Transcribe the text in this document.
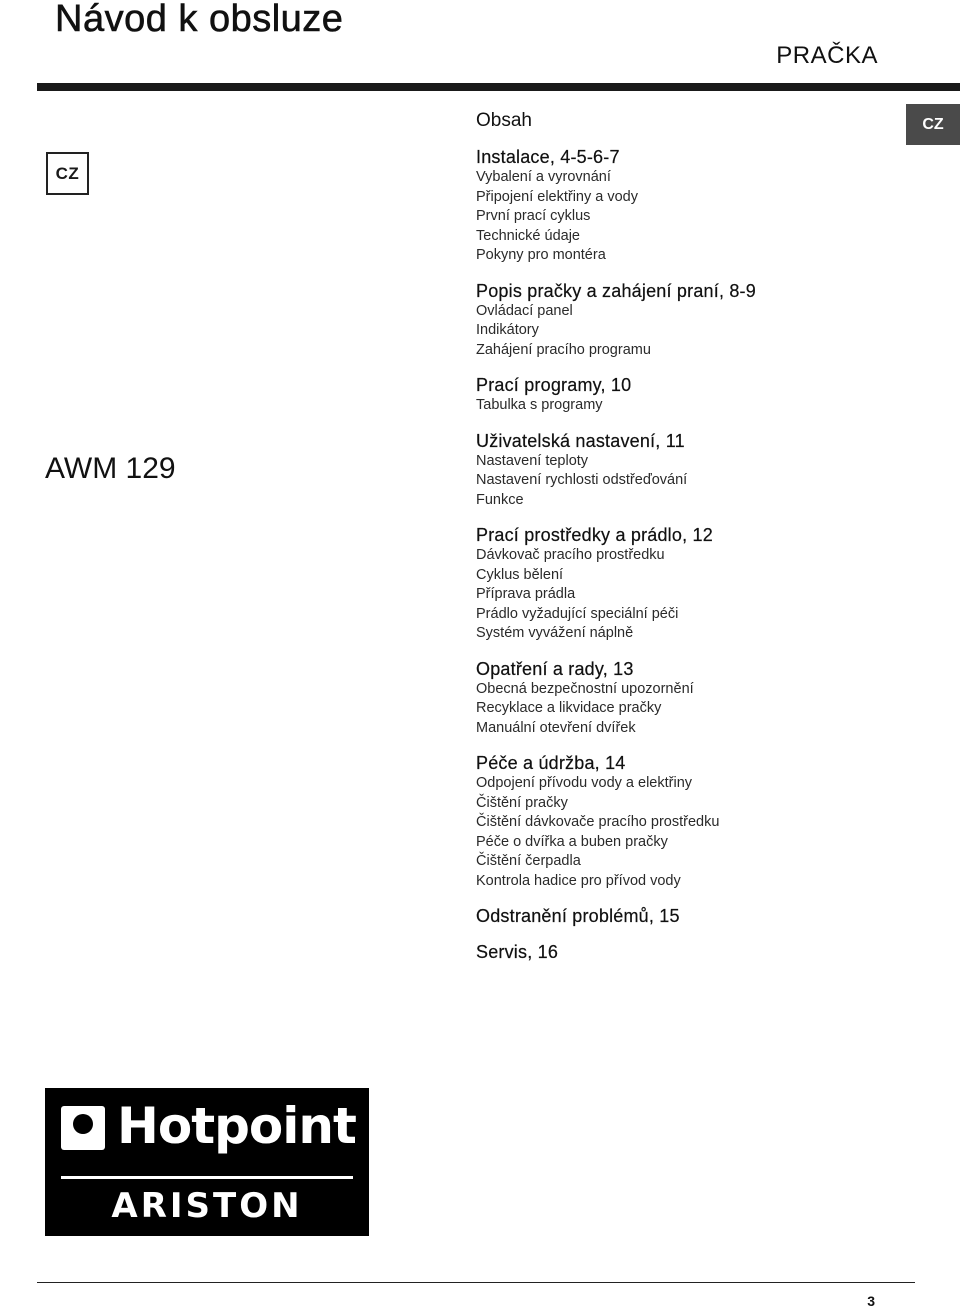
Návod k obsluze
PRAČKA
CZ
CZ
AWM 129
Obsah
Instalace, 4-5-6-7
Vybalení a vyrovnání
Připojení elektřiny a vody
První prací cyklus
Technické údaje
Pokyny pro montéra
Popis pračky a zahájení praní, 8-9
Ovládací panel
Indikátory
Zahájení pracího programu
Prací programy, 10
Tabulka s programy
Uživatelská nastavení, 11
Nastavení teploty
Nastavení rychlosti odstřeďování
Funkce
Prací prostředky a prádlo, 12
Dávkovač pracího prostředku
Cyklus bělení
Příprava prádla
Prádlo vyžadující speciální péči
Systém vyvážení náplně
Opatření a rady, 13
Obecná bezpečnostní upozornění
Recyklace a likvidace pračky
Manuální otevření dvířek
Péče a údržba, 14
Odpojení přívodu vody a elektřiny
Čištění pračky
Čištění dávkovače pracího prostředku
Péče o dvířka a buben pračky
Čištění čerpadla
Kontrola hadice pro přívod vody
Odstranění problémů, 15
Servis, 16
Hotpoint
ARISTON
3
